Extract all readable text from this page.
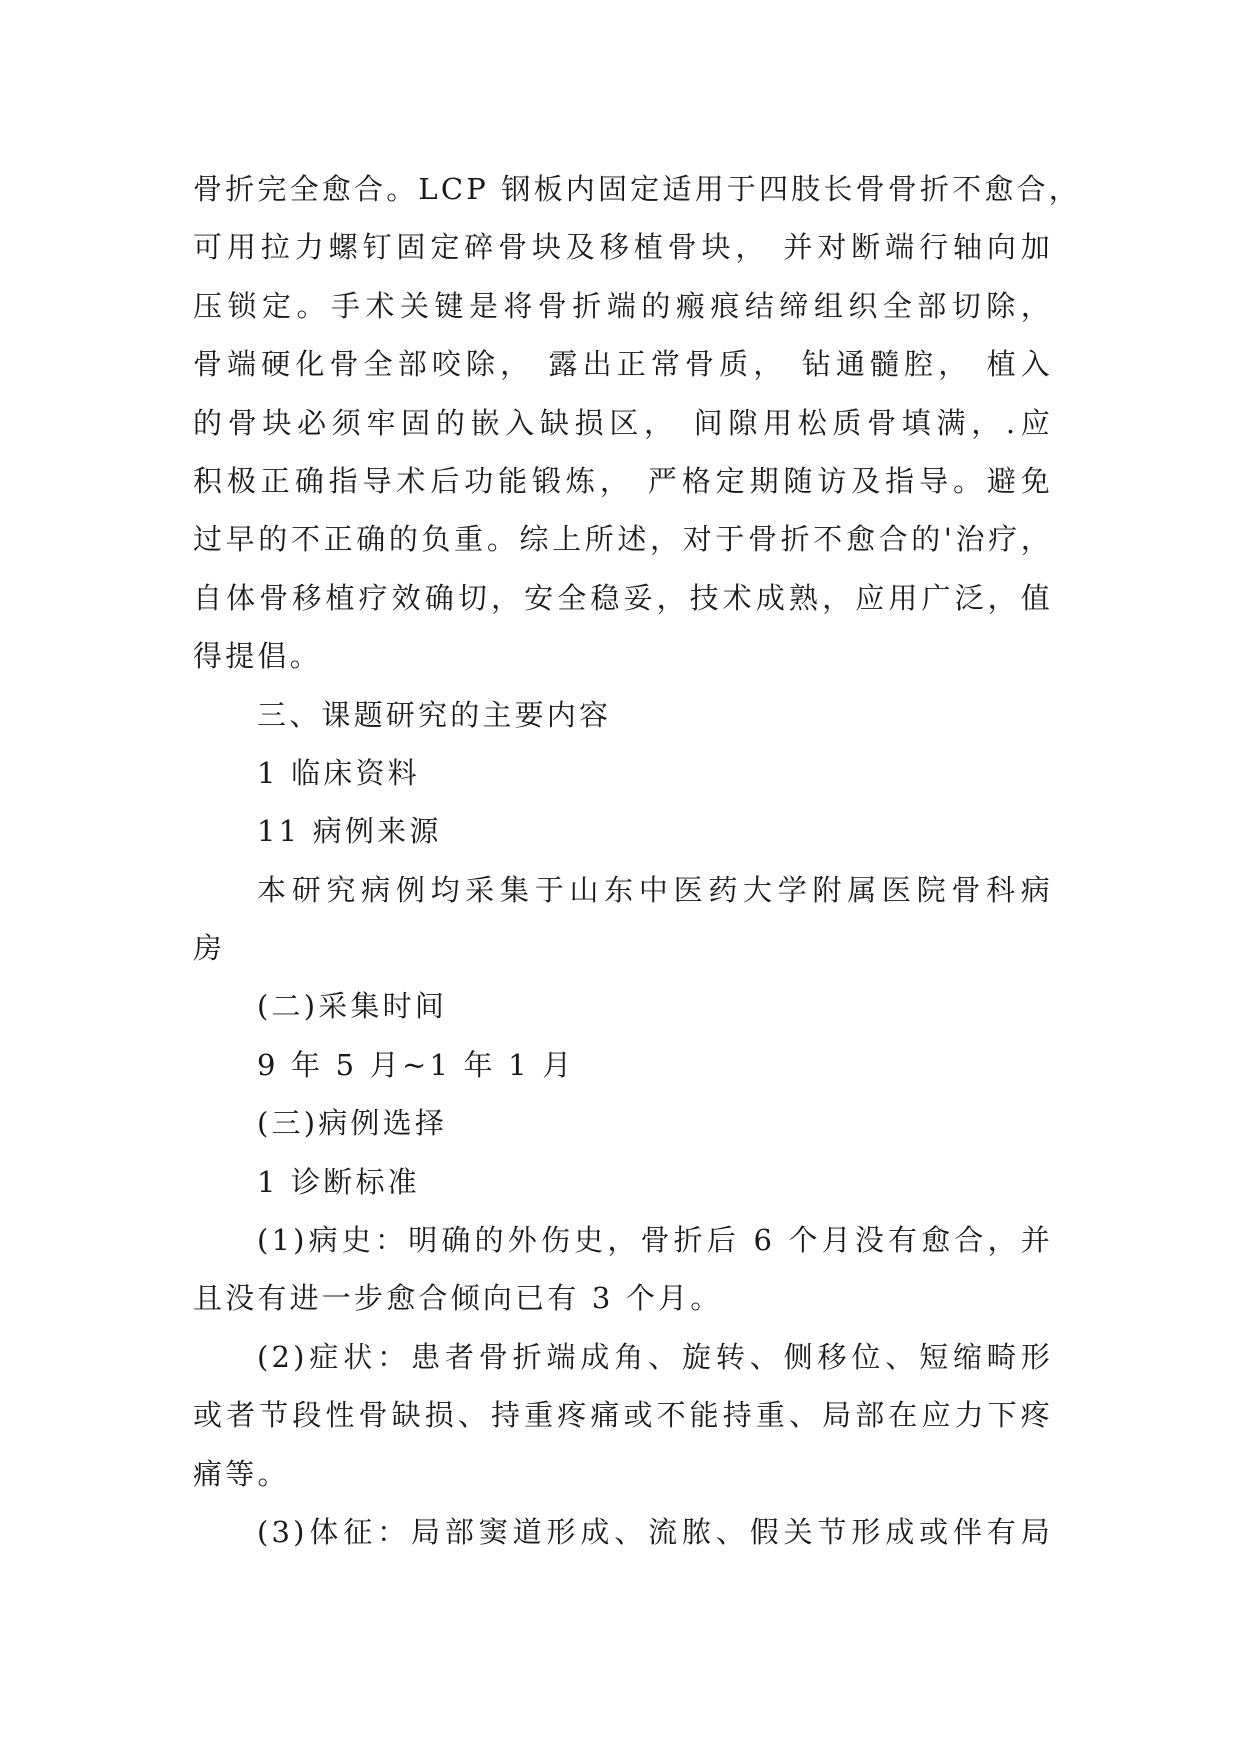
骨折完全愈合。LCP 钢板内固定适用于四肢长骨骨折不愈合，
可用拉力螺钉固定碎骨块及移植骨块， 并对断端行轴向加
压锁定。手术关键是将骨折端的瘢痕结缔组织全部切除，
骨端硬化骨全部咬除， 露出正常骨质， 钻通髓腔， 植入
的骨块必须牢固的嵌入缺损区， 间隙用松质骨填满，.应
积极正确指导术后功能锻炼， 严格定期随访及指导。避免
过早的不正确的负重。综上所述，对于骨折不愈合的'治疗，
自体骨移植疗效确切，安全稳妥，技术成熟，应用广泛，值
得提倡。
三、课题研究的主要内容
1 临床资料
11 病例来源
本研究病例均采集于山东中医药大学附属医院骨科病
房
(二)采集时间
9 年 5 月~1 年 1 月
(三)病例选择
1 诊断标准
(1)病史：明确的外伤史，骨折后 6 个月没有愈合，并
且没有进一步愈合倾向已有 3 个月。
(2)症状：患者骨折端成角、旋转、侧移位、短缩畸形
或者节段性骨缺损、持重疼痛或不能持重、局部在应力下疼
痛等。
(3)体征：局部窦道形成、流脓、假关节形成或伴有局
